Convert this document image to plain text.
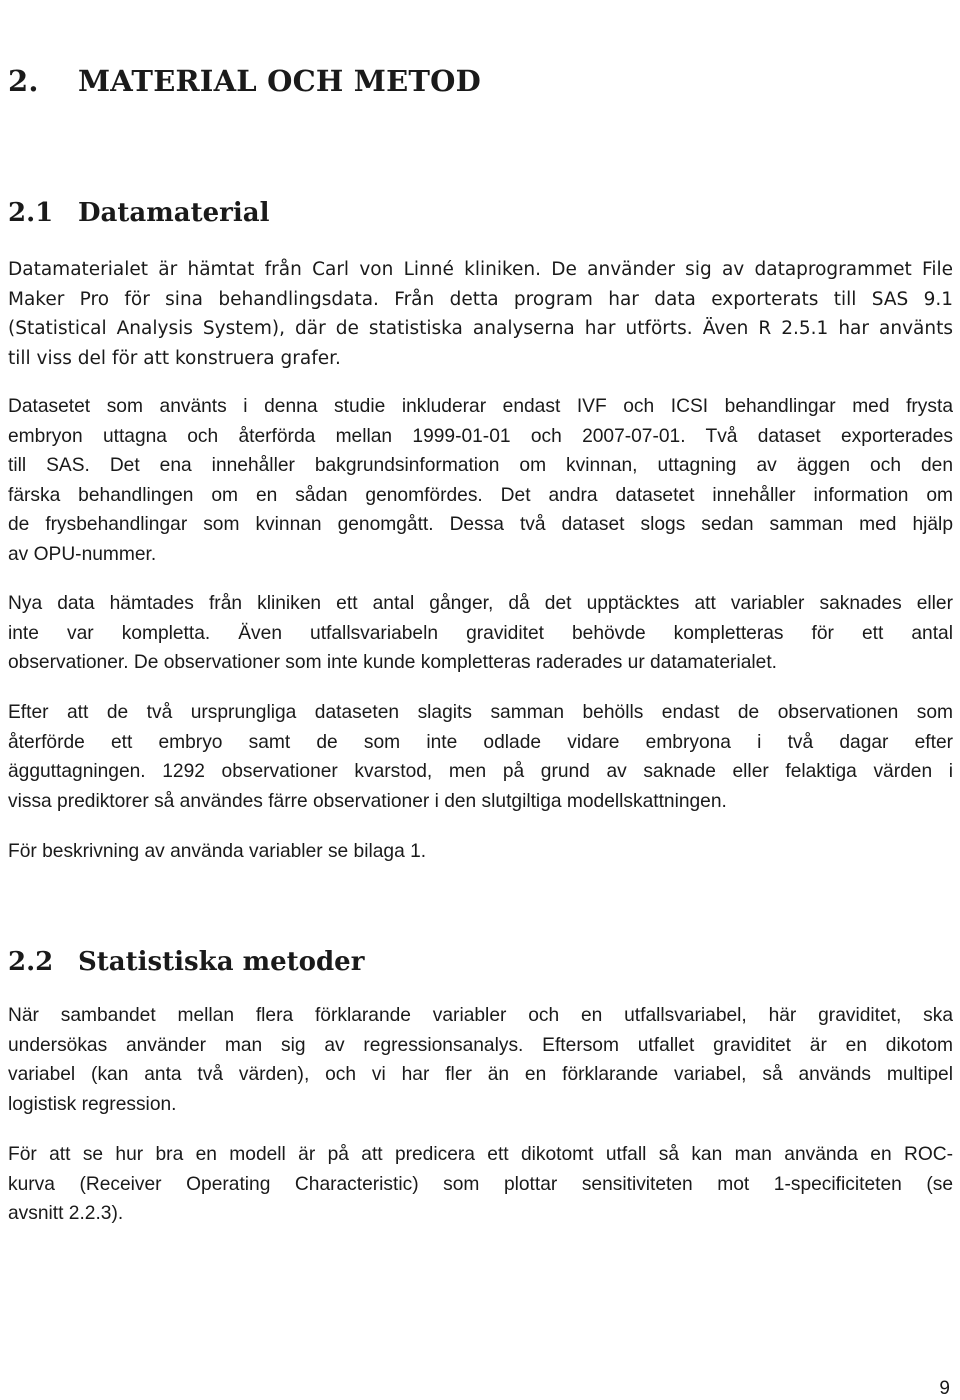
2. MATERIAL OCH METOD
2.1 Datamaterial

Datamaterialet är hämtat från Carl von Linné kliniken. De använder sig av dataprogrammet File
Maker Pro för sina behandlingsdata. Från detta program har data exporterats till SAS 9.1
(Statistical Analysis System), där de statistiska analyserna har utförts. Även R 2.5.1 har använts
till viss del för att konstruera grafer.

Datasetet som använts i denna studie inkluderar endast IVF och ICSI behandlingar med frysta
embryon uttagna och återförda mellan 1999-01-01 och 2007-07-01. Två dataset exporterades
till SAS. Det ena innehåller bakgrundsinformation om kvinnan, uttagning av äggen och den
färska behandlingen om en sådan genomfördes. Det andra datasetet innehåller information om
de frysbehandlingar som kvinnan genomgått. Dessa två dataset slogs sedan samman med hjälp
av OPU-nummer.

Nya data hämtades från kliniken ett antal gånger, då det upptäcktes att variabler saknades eller
inte var kompletta. Även utfallsvariabeln graviditet behövde kompletteras för ett antal
observationer. De observationer som inte kunde kompletteras raderades ur datamaterialet.

Efter att de två ursprungliga dataseten slagits samman behölls endast de observationen som
återförde ett embryo samt de som inte odlade vidare embryona i två dagar efter
ägguttagningen. 1292 observationer kvarstod, men på grund av saknade eller felaktiga värden i
vissa prediktorer så användes färre observationer i den slutgiltiga modellskattningen.

För beskrivning av använda variabler se bilaga 1.

2.2 Statistiska metoder

När sambandet mellan flera förklarande variabler och en utfallsvariabel, här graviditet, ska
undersökas använder man sig av regressionsanalys. Eftersom utfallet graviditet är en dikotom
variabel (kan anta två värden), och vi har fler än en förklarande variabel, så används multipel
logistisk regression.

För att se hur bra en modell är på att predicera ett dikotomt utfall så kan man använda en ROC-
kurva (Receiver Operating Characteristic) som plottar sensitiviteten mot 1-specificiteten (se
avsnitt 2.2.3).

9
